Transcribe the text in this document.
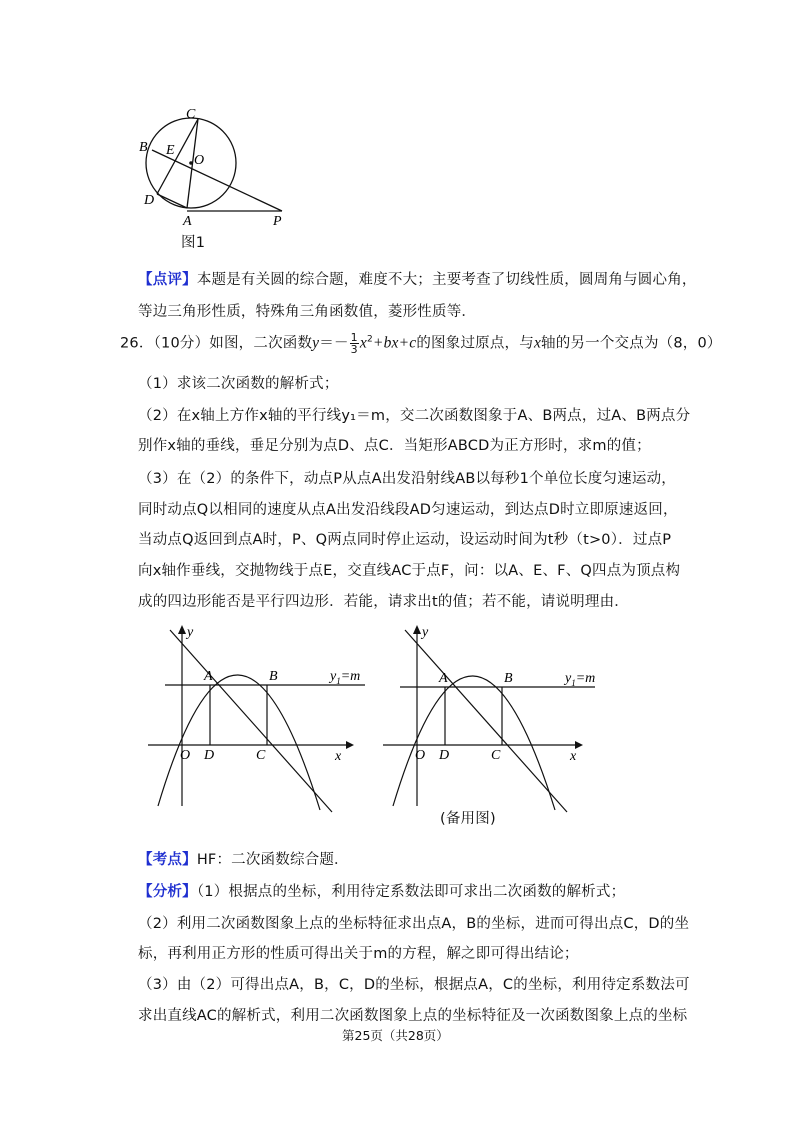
C
B E
O
D
A	P
图1
【点评】本题是有关圆的综合题，难度不大；主要考查了切线性质，圆周角与圆心角，
等边三角形性质，特殊角三角函数值，菱形性质等．
26．（10分）如图，二次函数$y=- \frac{1}{3} x^2+bx+c$的图象过原点，与x轴的另一个交点为（8，0）
（1）求该二次函数的解析式；
（2）在x轴上方作x轴的平行线y₁＝m，交二次函数图象于A、B两点，过A、B两点分
别作x轴的垂线，垂足分别为点D、点C．当矩形ABCD为正方形时，求m的值；
（3）在（2）的条件下，动点P从点A出发沿射线AB以每秒1个单位长度匀速运动，
同时动点Q以相同的速度从点A出发沿线段AD匀速运动，到达点D时立即原速返回，
当动点Q返回到点A时，P、Q两点同时停止运动，设运动时间为t秒（t>0）．过点P
向x轴作垂线，交抛物线于点E，交直线AC于点F，问：以A、E、F、Q四点为顶点构
成的四边形能否是平行四边形．若能，请求出t的值；若不能，请说明理由．
y
A	B	$y_1=m$
O D	C	x
y
A	B	$y_1=m$
O D	C	x
(备用图)
【考点】HF：二次函数综合题．
【分析】（1）根据点的坐标，利用待定系数法即可求出二次函数的解析式；
（2）利用二次函数图象上点的坐标特征求出点A，B的坐标，进而可得出点C，D的坐
标，再利用正方形的性质可得出关于m的方程，解之即可得出结论；
（3）由（2）可得出点A，B，C，D的坐标，根据点A，C的坐标，利用待定系数法可
求出直线AC的解析式，利用二次函数图象上点的坐标特征及一次函数图象上点的坐标
第25页（共28页）
